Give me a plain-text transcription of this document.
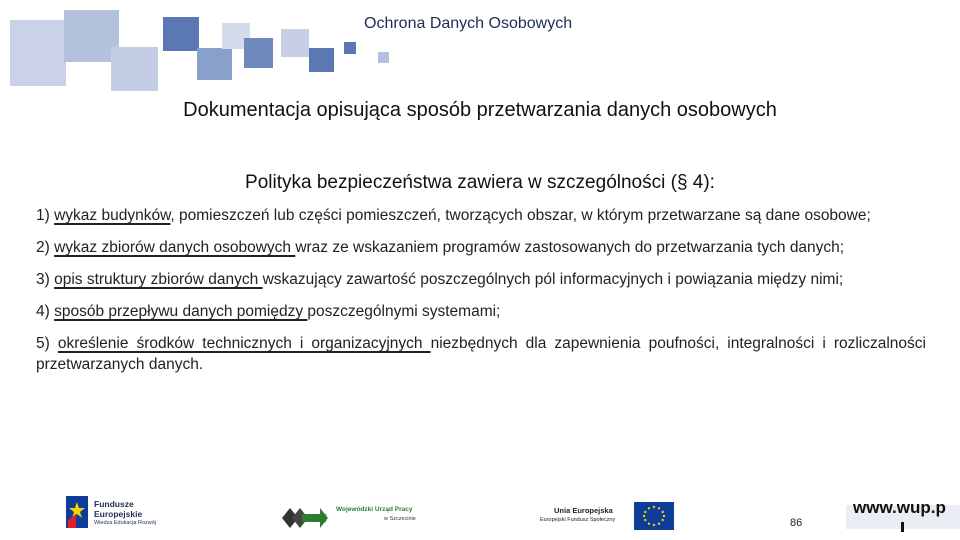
Ochrona Danych Osobowych
Dokumentacja opisująca sposób przetwarzania danych osobowych
Polityka bezpieczeństwa zawiera w szczególności (§ 4):
1) wykaz budynków, pomieszczeń lub części pomieszczeń, tworzących obszar, w którym przetwarzane są dane osobowe;
2) wykaz zbiorów danych osobowych wraz ze wskazaniem programów zastosowanych do przetwarzania tych danych;
3) opis struktury zbiorów danych wskazujący zawartość poszczególnych pól informacyjnych i powiązania między nimi;
4) sposób przepływu danych pomiędzy poszczególnymi systemami;
5) określenie środków technicznych i organizacyjnych niezbędnych dla zapewnienia poufności, integralności i rozliczalności przetwarzanych danych.
Fundusze
Europejskie
Wiedza Edukacja Rozwój
Wojewódzki Urząd Pracy
w Szczecinie
Unia Europejska
Europejski Fundusz Społeczny	86
www.wup.p
